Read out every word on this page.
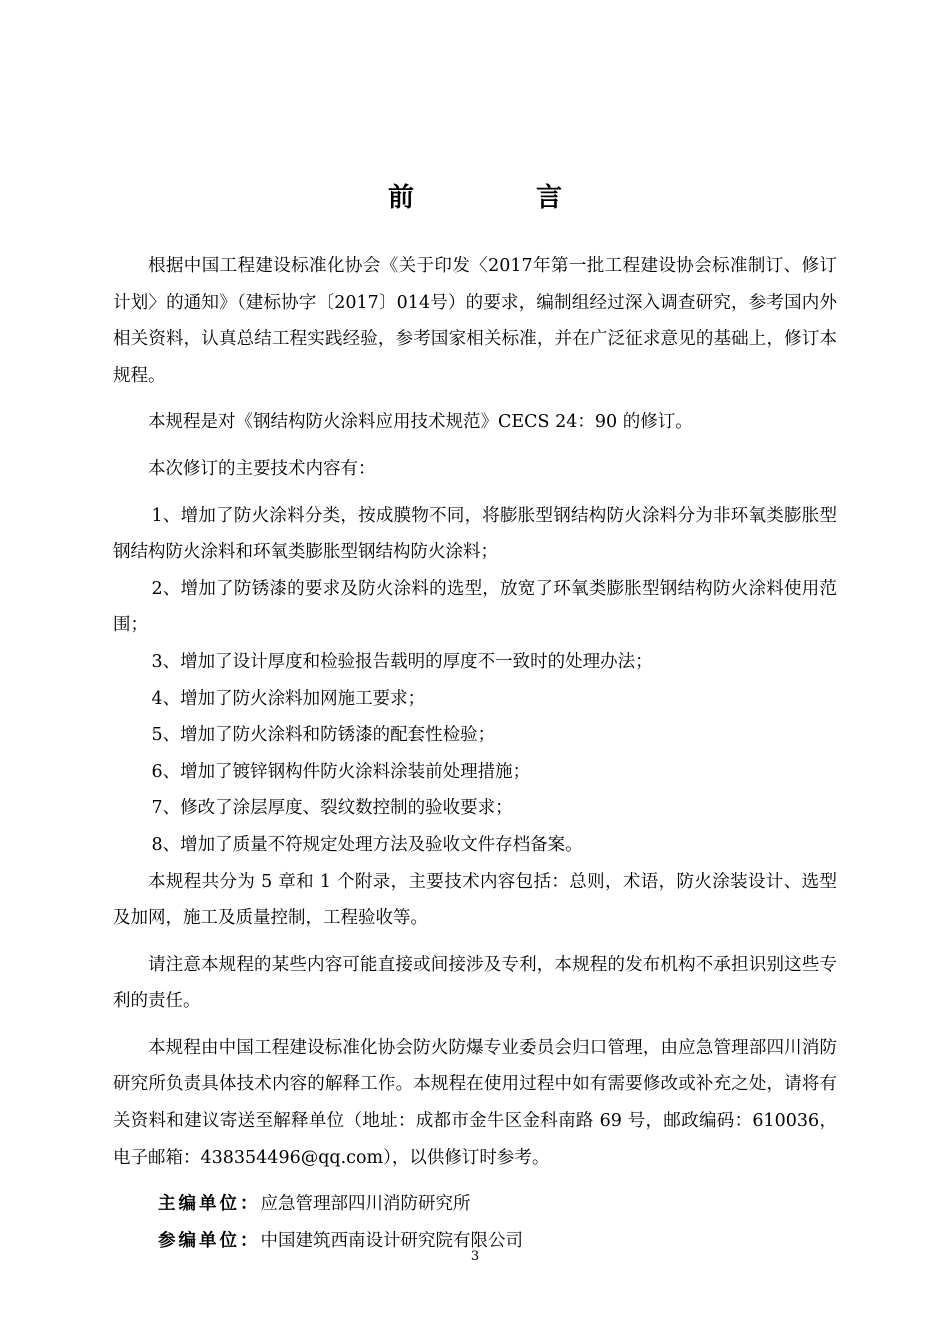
前　言

根据中国工程建设标准化协会《关于印发〈2017年第一批工程建设协会标准制订、修订计划〉的通知》（建标协字〔2017〕014号）的要求，编制组经过深入调查研究，参考国内外相关资料，认真总结工程实践经验，参考国家相关标准，并在广泛征求意见的基础上，修订本规程。

本规程是对《钢结构防火涂料应用技术规范》CECS 24：90 的修订。

本次修订的主要技术内容有：

1、增加了防火涂料分类，按成膜物不同，将膨胀型钢结构防火涂料分为非环氧类膨胀型钢结构防火涂料和环氧类膨胀型钢结构防火涂料；

2、增加了防锈漆的要求及防火涂料的选型，放宽了环氧类膨胀型钢结构防火涂料使用范围；

3、增加了设计厚度和检验报告载明的厚度不一致时的处理办法；

4、增加了防火涂料加网施工要求；

5、增加了防火涂料和防锈漆的配套性检验；

6、增加了镀锌钢构件防火涂料涂装前处理措施；

7、修改了涂层厚度、裂纹数控制的验收要求；

8、增加了质量不符规定处理方法及验收文件存档备案。

本规程共分为 5 章和 1 个附录，主要技术内容包括：总则，术语，防火涂装设计、选型及加网，施工及质量控制，工程验收等。

请注意本规程的某些内容可能直接或间接涉及专利，本规程的发布机构不承担识别这些专利的责任。

本规程由中国工程建设标准化协会防火防爆专业委员会归口管理，由应急管理部四川消防研究所负责具体技术内容的解释工作。本规程在使用过程中如有需要修改或补充之处，请将有关资料和建议寄送至解释单位（地址：成都市金牛区金科南路 69 号，邮政编码：610036，电子邮箱：438354496@qq.com），以供修订时参考。

主编单位：应急管理部四川消防研究所

参编单位：中国建筑西南设计研究院有限公司

3
